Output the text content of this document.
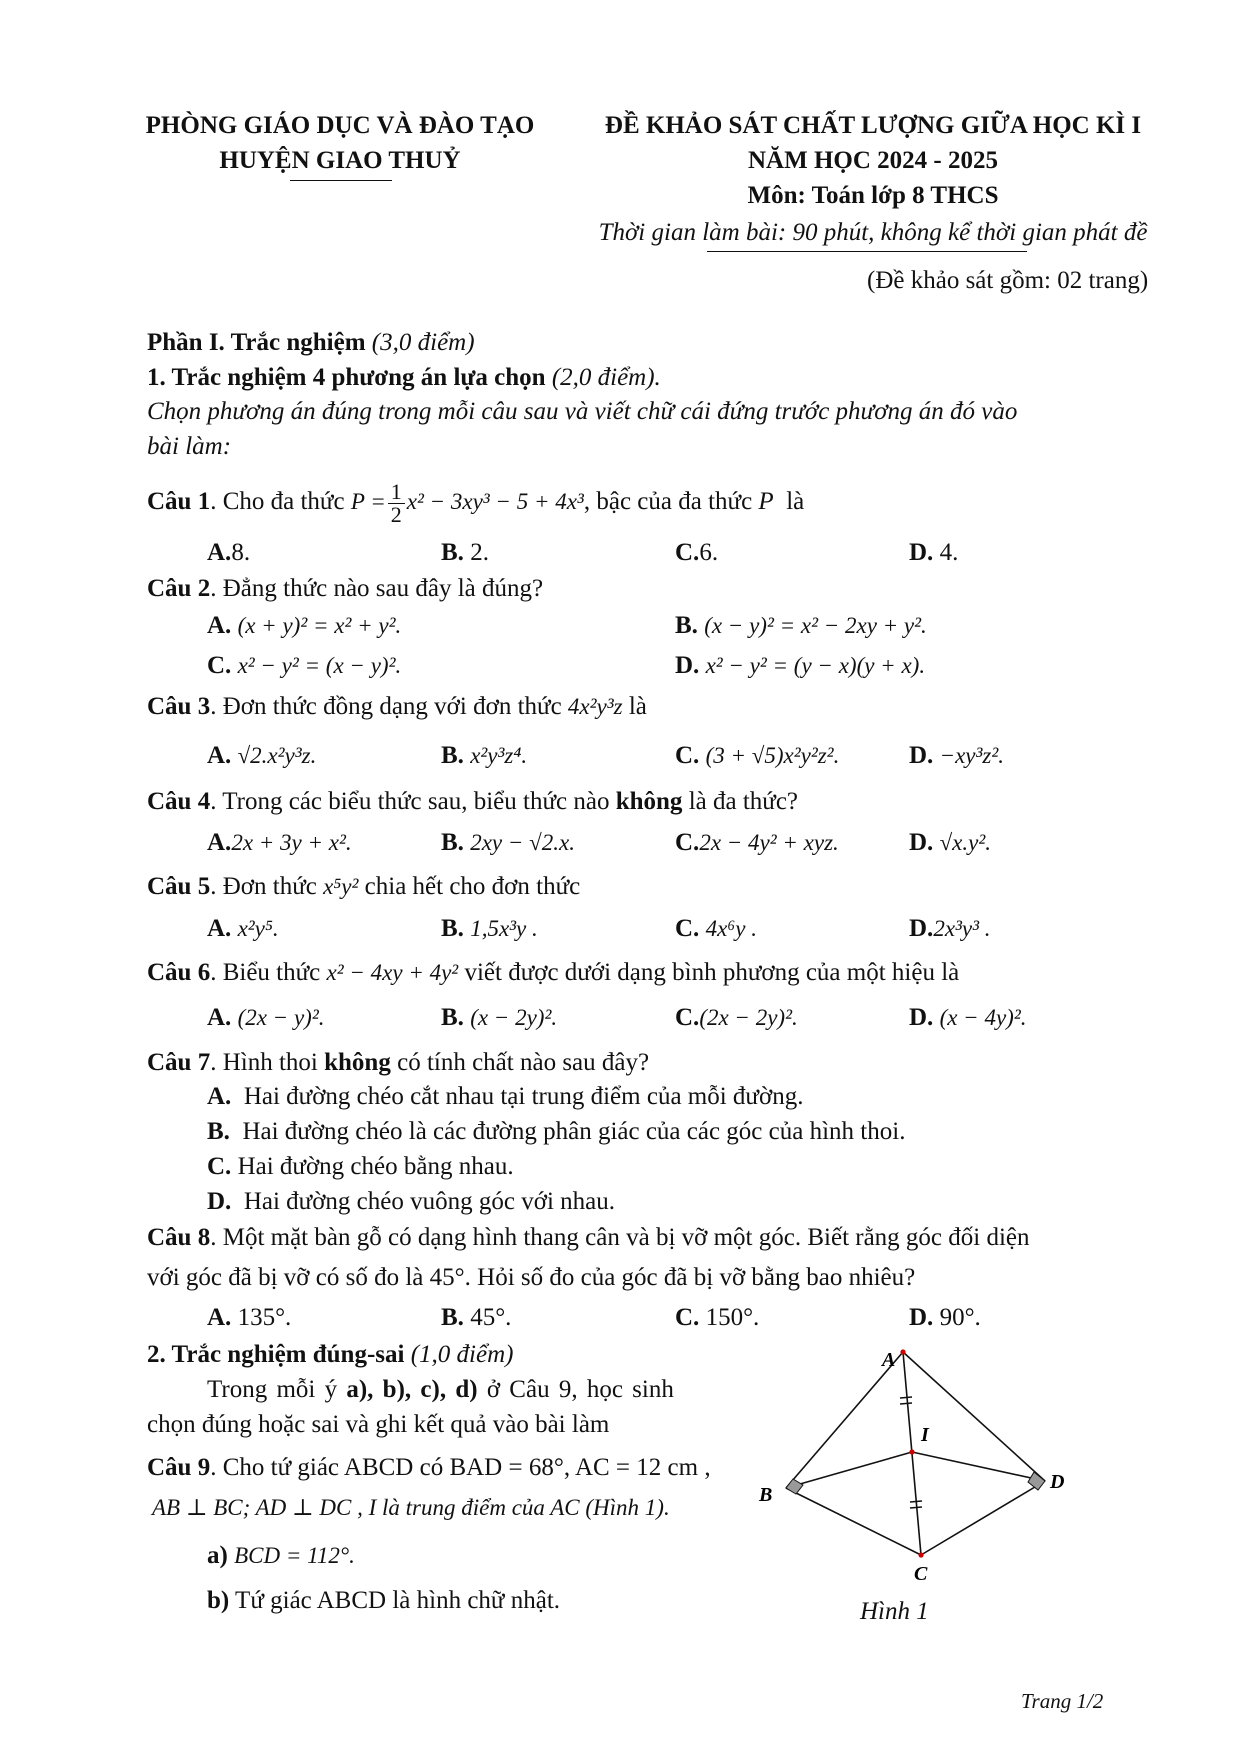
PHÒNG GIÁO DỤC VÀ ĐÀO TẠO
HUYỆN GIAO THUỶ
ĐỀ KHẢO SÁT CHẤT LƯỢNG GIỮA HỌC KÌ I
NĂM HỌC 2024 - 2025
Môn: Toán lớp 8 THCS
Thời gian làm bài: 90 phút, không kể thời gian phát đề
(Đề khảo sát gồm: 02 trang)
Phần I. Trắc nghiệm (3,0 điểm)
1. Trắc nghiệm 4 phương án lựa chọn (2,0 điểm).
Chọn phương án đúng trong mỗi câu sau và viết chữ cái đứng trước phương án đó vào
bài làm:
Câu 1. Cho đa thức $P = \frac{1}{2} x^2 - 3xy^3 - 5 + 4x^3$, bậc của đa thức P là
A.8.	B. 2.	C.6.	D. 4.
Câu 2. Đẳng thức nào sau đây là đúng?
A. (x + y)² = x² + y².	B. (x − y)² = x² − 2xy + y².
C. x² − y² = (x − y)².	D. x² − y² = (y − x)(y + x).
Câu 3. Đơn thức đồng dạng với đơn thức 4x²y³z là
A. √2.x²y³z.	B. x²y³z⁴.	C. (3 + √5)x²y²z².	D. −xy³z².
Câu 4. Trong các biểu thức sau, biểu thức nào không là đa thức?
A.2x + 3y + x².	B. 2xy − √2.x.	C.2x − 4y² + xyz.	D. √x.y².
Câu 5. Đơn thức x⁵y² chia hết cho đơn thức
A. x²y⁵.	B. 1,5x³y .	C. 4x⁶y .	D.2x³y³ .
Câu 6. Biểu thức x² − 4xy + 4y² viết được dưới dạng bình phương của một hiệu là
A. (2x − y)².	B. (x − 2y)².	C.(2x − 2y)².	D. (x − 4y)².
Câu 7. Hình thoi không có tính chất nào sau đây?
A. Hai đường chéo cắt nhau tại trung điểm của mỗi đường.
B. Hai đường chéo là các đường phân giác của các góc của hình thoi.
C. Hai đường chéo bằng nhau.
D. Hai đường chéo vuông góc với nhau.
Câu 8. Một mặt bàn gỗ có dạng hình thang cân và bị vỡ một góc. Biết rằng góc đối diện
với góc đã bị vỡ có số đo là 45°. Hỏi số đo của góc đã bị vỡ bằng bao nhiêu?
A. 135°.	B. 45°.	C. 150°.	D. 90°.
2. Trắc nghiệm đúng-sai (1,0 điểm)
Trong mỗi ý a), b), c), d) ở Câu 9, học sinh
chọn đúng hoặc sai và ghi kết quả vào bài làm
Câu 9. Cho tứ giác ABCD có BAD = 68°, AC = 12 cm ,
AB ⊥ BC; AD ⊥ DC , I là trung điểm của AC (Hình 1).
a) BCD = 112°.
b) Tứ giác ABCD là hình chữ nhật.
A
B
I
D
C
Hình 1
Trang 1/2
